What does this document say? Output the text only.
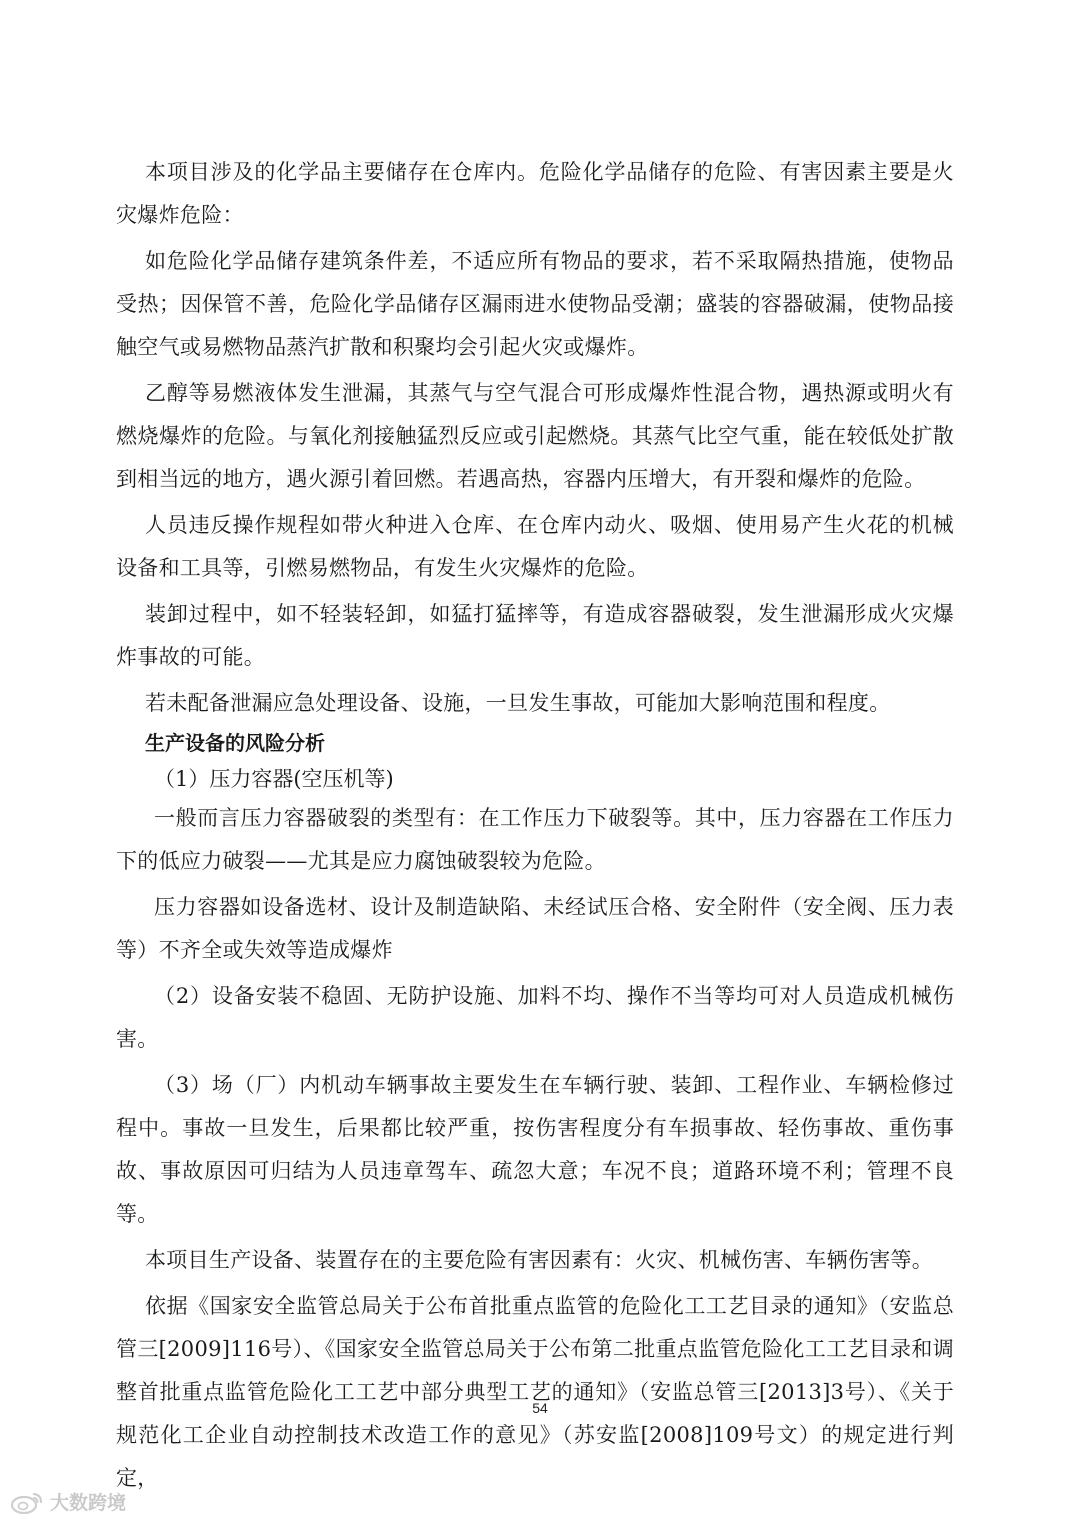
本项目涉及的化学品主要储存在仓库内。危险化学品储存的危险、有害因素主要是火灾爆炸危险：

如危险化学品储存建筑条件差，不适应所有物品的要求，若不采取隔热措施，使物品受热；因保管不善，危险化学品储存区漏雨进水使物品受潮；盛装的容器破漏，使物品接触空气或易燃物品蒸汽扩散和积聚均会引起火灾或爆炸。

乙醇等易燃液体发生泄漏，其蒸气与空气混合可形成爆炸性混合物，遇热源或明火有燃烧爆炸的危险。与氧化剂接触猛烈反应或引起燃烧。其蒸气比空气重，能在较低处扩散到相当远的地方，遇火源引着回燃。若遇高热，容器内压增大，有开裂和爆炸的危险。

人员违反操作规程如带火种进入仓库、在仓库内动火、吸烟、使用易产生火花的机械设备和工具等，引燃易燃物品，有发生火灾爆炸的危险。

装卸过程中，如不轻装轻卸，如猛打猛摔等，有造成容器破裂，发生泄漏形成火灾爆炸事故的可能。

若未配备泄漏应急处理设备、设施，一旦发生事故，可能加大影响范围和程度。

生产设备的风险分析

（1）压力容器(空压机等)

一般而言压力容器破裂的类型有：在工作压力下破裂等。其中，压力容器在工作压力下的低应力破裂——尤其是应力腐蚀破裂较为危险。

压力容器如设备选材、设计及制造缺陷、未经试压合格、安全附件（安全阀、压力表等）不齐全或失效等造成爆炸

（2）设备安装不稳固、无防护设施、加料不均、操作不当等均可对人员造成机械伤害。

（3）场（厂）内机动车辆事故主要发生在车辆行驶、装卸、工程作业、车辆检修过程中。事故一旦发生，后果都比较严重，按伤害程度分有车损事故、轻伤事故、重伤事故、事故原因可归结为人员违章驾车、疏忽大意；车况不良；道路环境不利；管理不良等。

本项目生产设备、装置存在的主要危险有害因素有：火灾、机械伤害、车辆伤害等。

依据《国家安全监管总局关于公布首批重点监管的危险化工工艺目录的通知》（安监总管三[2009]116号）、《国家安全监管总局关于公布第二批重点监管危险化工工艺目录和调整首批重点监管危险化工工艺中部分典型工艺的通知》（安监总管三[2013]3号）、《关于规范化工企业自动控制技术改造工作的意见》（苏安监[2008]109号文）的规定进行判定，

54
大数跨境
